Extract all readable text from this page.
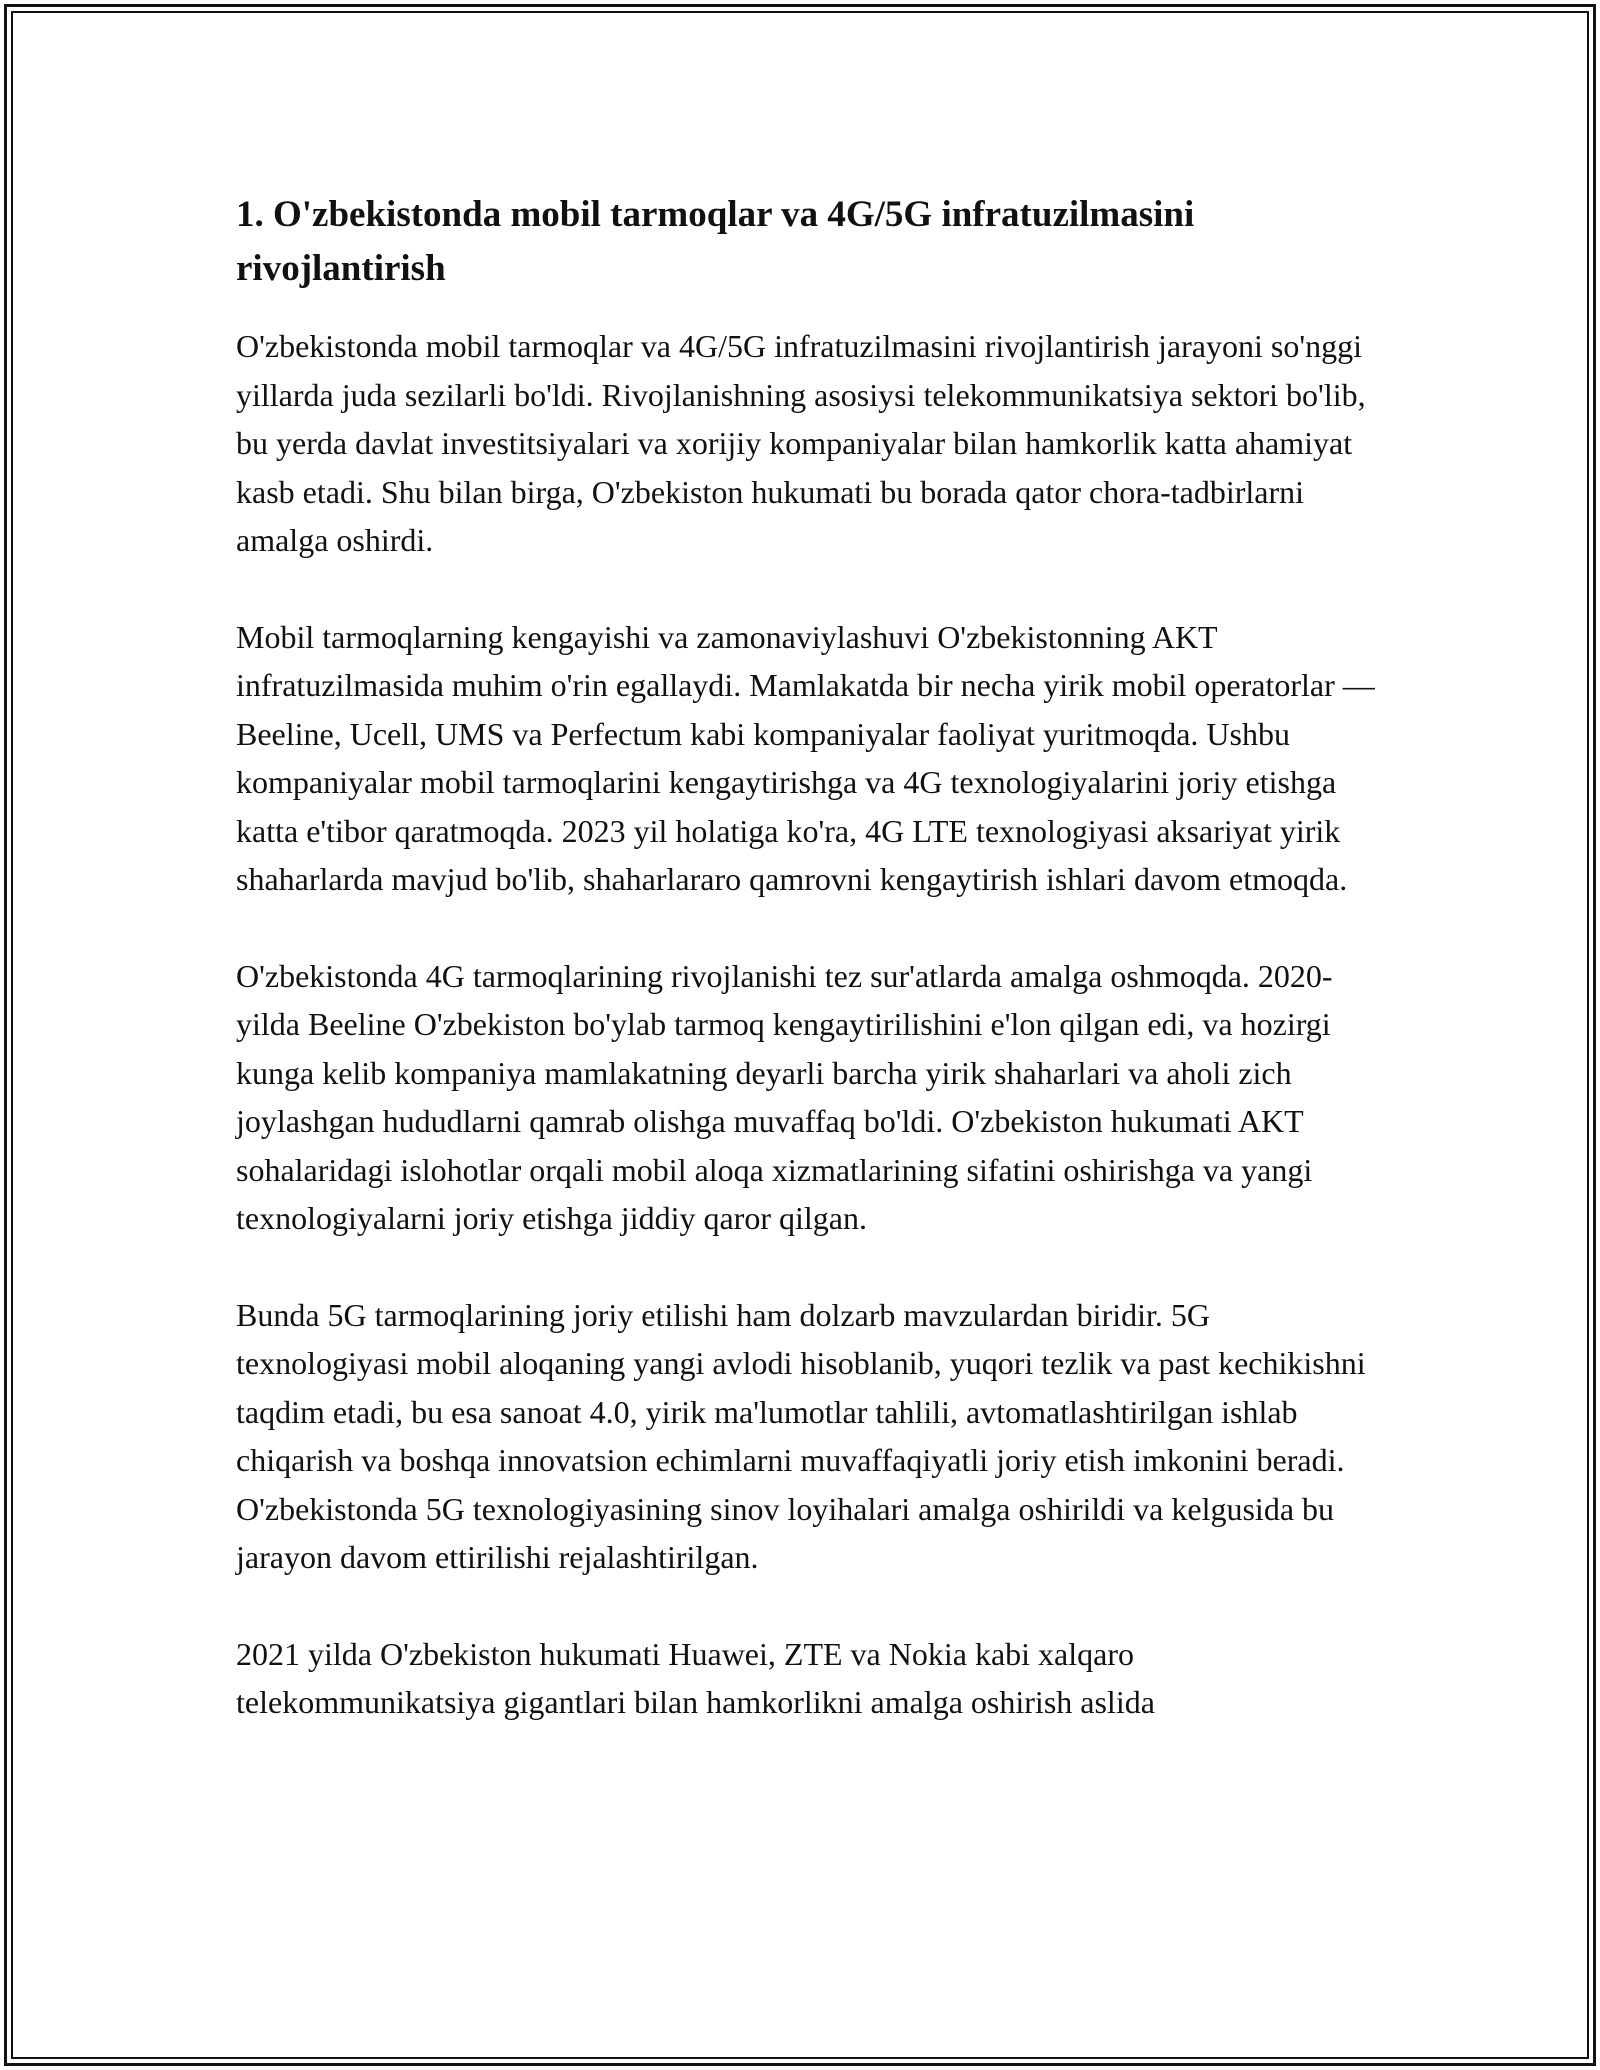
1. O'zbekistonda mobil tarmoqlar va 4G/5G infratuzilmasini rivojlantirish

O'zbekistonda mobil tarmoqlar va 4G/5G infratuzilmasini rivojlantirish jarayoni so'nggi yillarda juda sezilarli bo'ldi. Rivojlanishning asosiysi telekommunikatsiya sektori bo'lib, bu yerda davlat investitsiyalari va xorijiy kompaniyalar bilan hamkorlik katta ahamiyat kasb etadi. Shu bilan birga, O'zbekiston hukumati bu borada qator chora-tadbirlarni amalga oshirdi.

Mobil tarmoqlarning kengayishi va zamonaviylashuvi O'zbekistonning AKT infratuzilmasida muhim o'rin egallaydi. Mamlakatda bir necha yirik mobil operatorlar — Beeline, Ucell, UMS va Perfectum kabi kompaniyalar faoliyat yuritmoqda. Ushbu kompaniyalar mobil tarmoqlarini kengaytirishga va 4G texnologiyalarini joriy etishga katta e'tibor qaratmoqda. 2023 yil holatiga ko'ra, 4G LTE texnologiyasi aksariyat yirik shaharlarda mavjud bo'lib, shaharlararo qamrovni kengaytirish ishlari davom etmoqda.

O'zbekistonda 4G tarmoqlarining rivojlanishi tez sur'atlarda amalga oshmoqda. 2020-yilda Beeline O'zbekiston bo'ylab tarmoq kengaytirilishini e'lon qilgan edi, va hozirgi kunga kelib kompaniya mamlakatning deyarli barcha yirik shaharlari va aholi zich joylashgan hududlarni qamrab olishga muvaffaq bo'ldi. O'zbekiston hukumati AKT sohalaridagi islohotlar orqali mobil aloqa xizmatlarining sifatini oshirishga va yangi texnologiyalarni joriy etishga jiddiy qaror qilgan.

Bunda 5G tarmoqlarining joriy etilishi ham dolzarb mavzulardan biridir. 5G texnologiyasi mobil aloqaning yangi avlodi hisoblanib, yuqori tezlik va past kechikishni taqdim etadi, bu esa sanoat 4.0, yirik ma'lumotlar tahlili, avtomatlashtirilgan ishlab chiqarish va boshqa innovatsion echimlarni muvaffaqiyatli joriy etish imkonini beradi. O'zbekistonda 5G texnologiyasining sinov loyihalari amalga oshirildi va kelgusida bu jarayon davom ettirilishi rejalashtirilgan.

2021 yilda O'zbekiston hukumati Huawei, ZTE va Nokia kabi xalqaro telekommunikatsiya gigantlari bilan hamkorlikni amalga oshirish aslida
